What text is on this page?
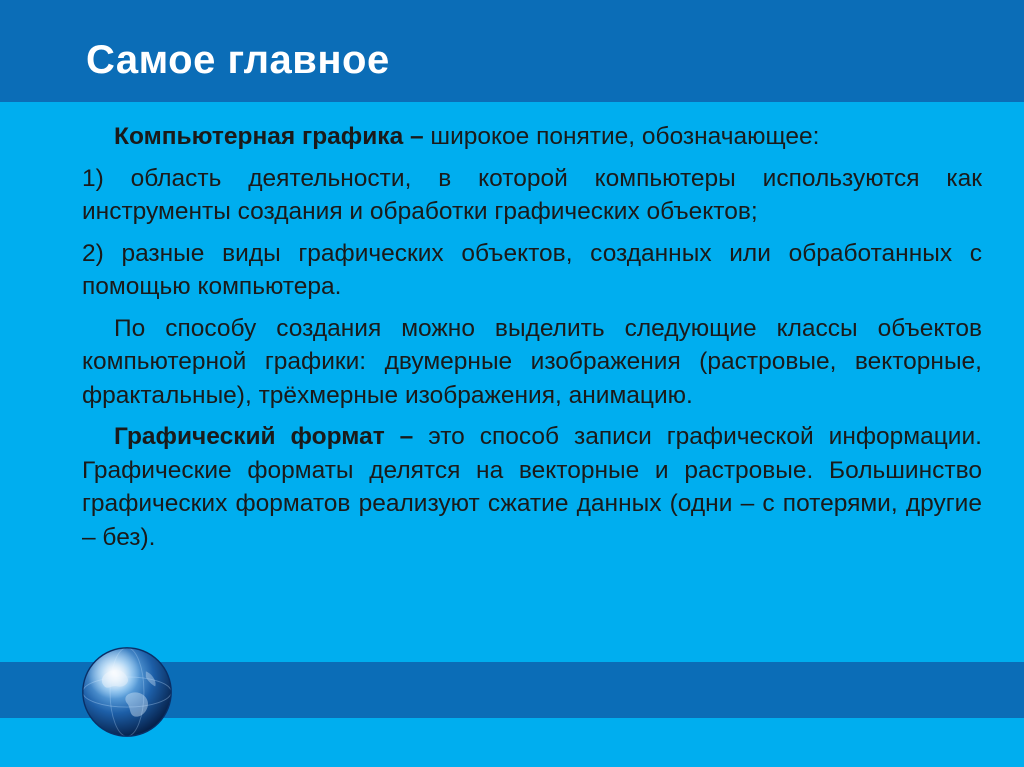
Самое главное

Компьютерная графика – широкое понятие, обозначающее:

1) область деятельности, в которой компьютеры используются как инструменты создания и обработки графических объектов;

2) разные виды графических объектов, созданных или обработанных с помощью компьютера.

По способу создания можно выделить следующие классы объектов компьютерной графики: двумерные изображения (растровые, векторные, фрактальные), трёхмерные изображения, анимацию.

Графический формат – это способ записи графической информации. Графические форматы делятся на векторные и растровые. Большинство графических форматов реализуют сжатие данных (одни – с потерями, другие – без).
